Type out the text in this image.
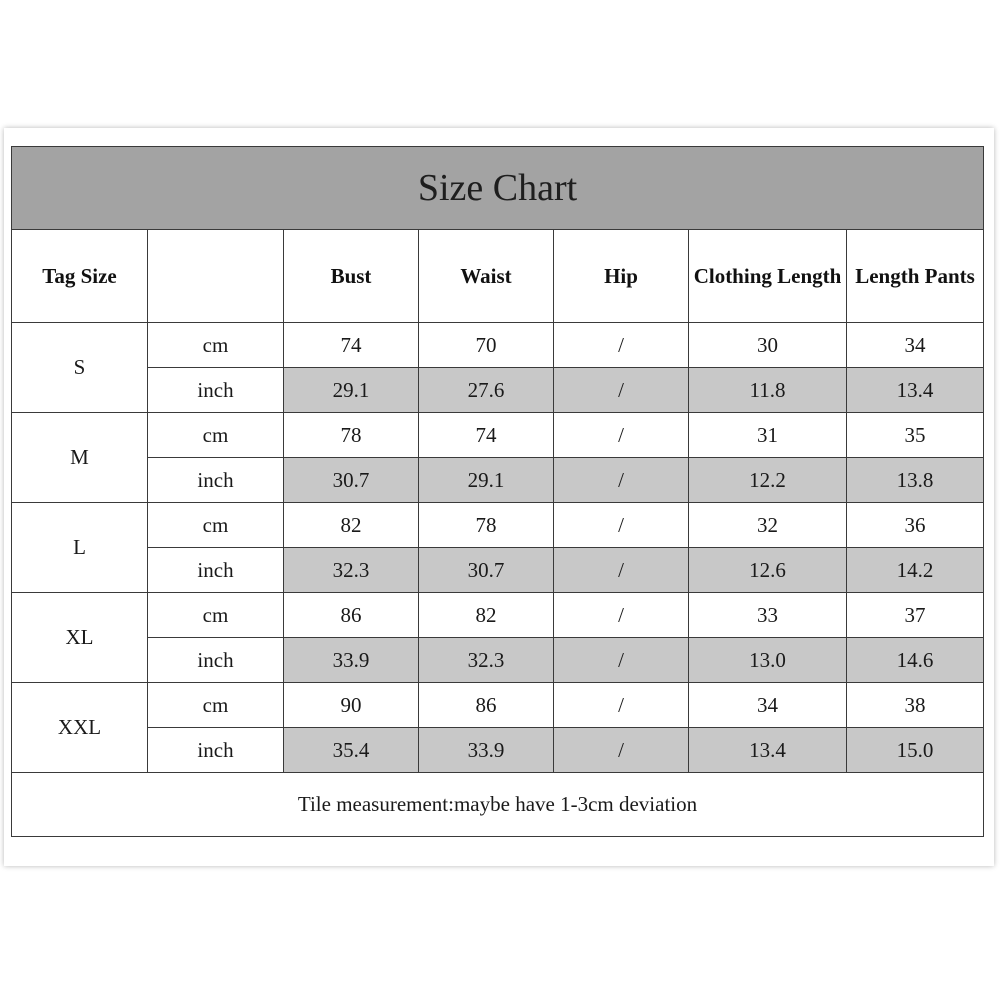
Size Chart						
Tag Size		Bust	Waist	Hip	Clothing Length	Length Pants
S	cm	74	70	/	30	34
	inch	29.1	27.6	/	11.8	13.4
M	cm	78	74	/	31	35
	inch	30.7	29.1	/	12.2	13.8
L	cm	82	78	/	32	36
	inch	32.3	30.7	/	12.6	14.2
XL	cm	86	82	/	33	37
	inch	33.9	32.3	/	13.0	14.6
XXL	cm	90	86	/	34	38
	inch	35.4	33.9	/	13.4	15.0
Tile measurement:maybe have 1-3cm deviation						
